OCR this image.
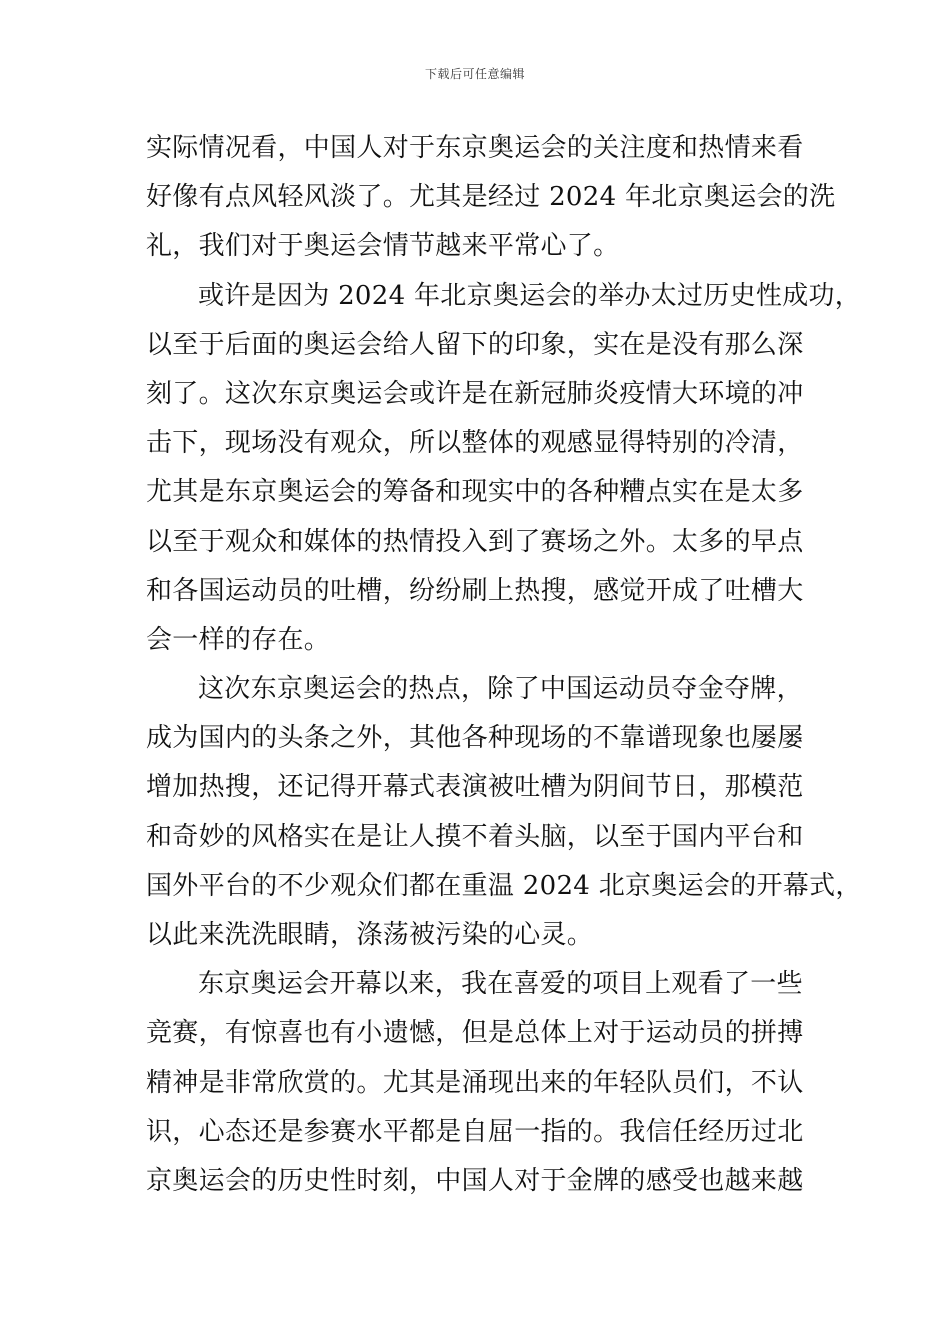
下载后可任意编辑
实际情况看，中国人对于东京奥运会的关注度和热情来看
好像有点风轻风淡了。尤其是经过 2024 年北京奥运会的洗
礼，我们对于奥运会情节越来平常心了。
或许是因为 2024 年北京奥运会的举办太过历史性成功，
以至于后面的奥运会给人留下的印象，实在是没有那么深
刻了。这次东京奥运会或许是在新冠肺炎疫情大环境的冲
击下，现场没有观众，所以整体的观感显得特别的冷清，
尤其是东京奥运会的筹备和现实中的各种糟点实在是太多
以至于观众和媒体的热情投入到了赛场之外。太多的早点
和各国运动员的吐槽，纷纷刷上热搜，感觉开成了吐槽大
会一样的存在。
这次东京奥运会的热点，除了中国运动员夺金夺牌，
成为国内的头条之外，其他各种现场的不靠谱现象也屡屡
增加热搜，还记得开幕式表演被吐槽为阴间节日，那模范
和奇妙的风格实在是让人摸不着头脑，以至于国内平台和
国外平台的不少观众们都在重温 2024 北京奥运会的开幕式，
以此来洗洗眼睛，涤荡被污染的心灵。
东京奥运会开幕以来，我在喜爱的项目上观看了一些
竞赛，有惊喜也有小遗憾，但是总体上对于运动员的拼搏
精神是非常欣赏的。尤其是涌现出来的年轻队员们，不认
识，心态还是参赛水平都是自屈一指的。我信任经历过北
京奥运会的历史性时刻，中国人对于金牌的感受也越来越
